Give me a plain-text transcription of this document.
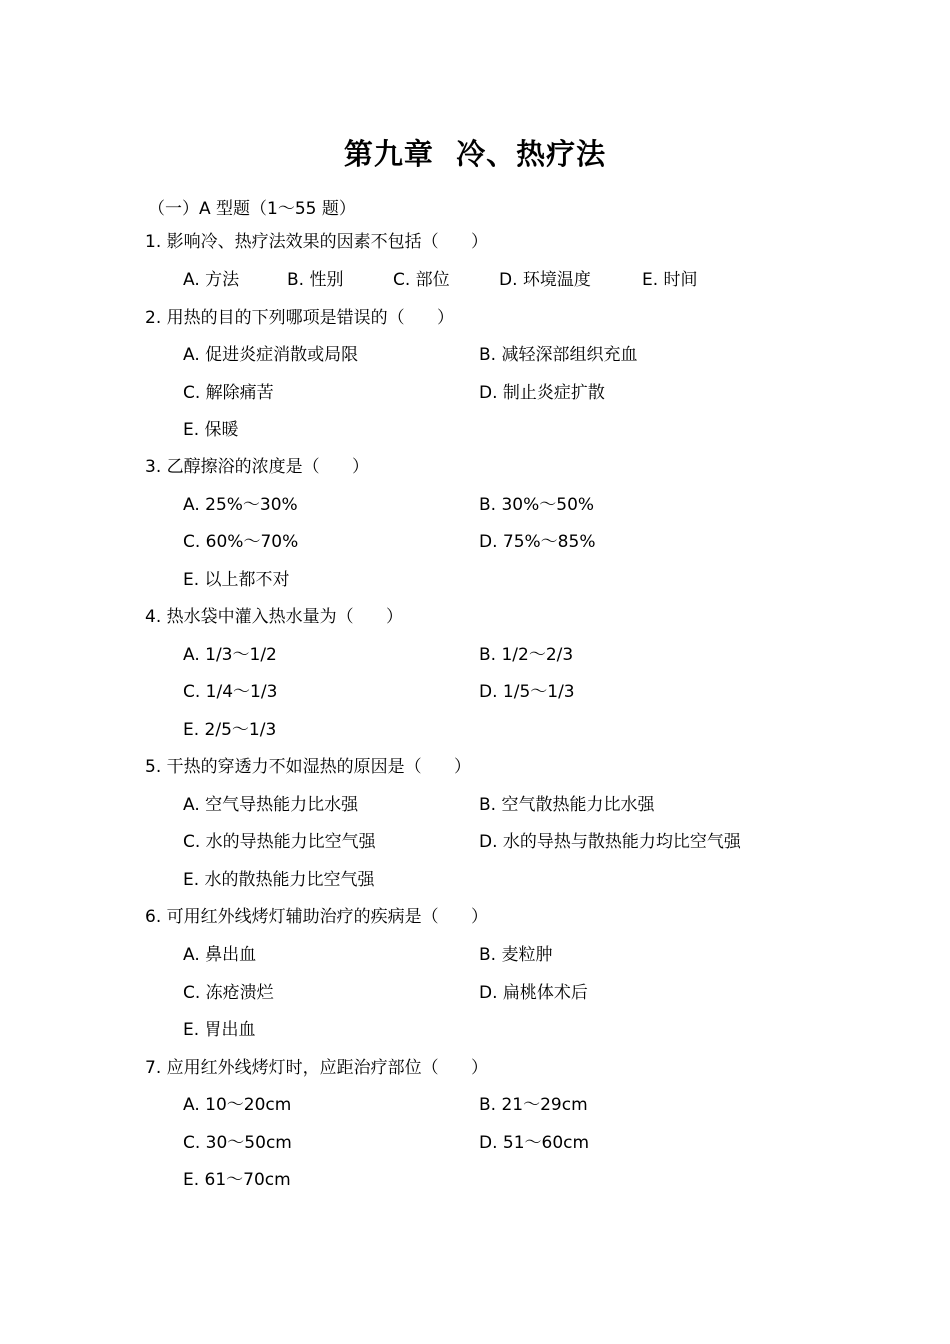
第九章  冷、热疗法
（一）A 型题（1～55 题）
1. 影响冷、热疗法效果的因素不包括（      ）
A. 方法	B. 性别	C. 部位	D. 环境温度	E. 时间
2. 用热的目的下列哪项是错误的（      ）
A. 促进炎症消散或局限	B. 减轻深部组织充血
C. 解除痛苦	D. 制止炎症扩散
E. 保暖
3. 乙醇擦浴的浓度是（      ）
A. 25%～30%	B. 30%～50%
C. 60%～70%	D. 75%～85%
E. 以上都不对
4. 热水袋中灌入热水量为（      ）
A. 1/3～1/2	B. 1/2～2/3
C. 1/4～1/3	D. 1/5～1/3
E. 2/5～1/3
5. 干热的穿透力不如湿热的原因是（      ）
A. 空气导热能力比水强	B. 空气散热能力比水强
C. 水的导热能力比空气强	D. 水的导热与散热能力均比空气强
E. 水的散热能力比空气强
6. 可用红外线烤灯辅助治疗的疾病是（      ）
A. 鼻出血	B. 麦粒肿
C. 冻疮溃烂	D. 扁桃体术后
E. 胃出血
7. 应用红外线烤灯时，应距治疗部位（      ）
A. 10～20cm	B. 21～29cm
C. 30～50cm	D. 51～60cm
E. 61～70cm
